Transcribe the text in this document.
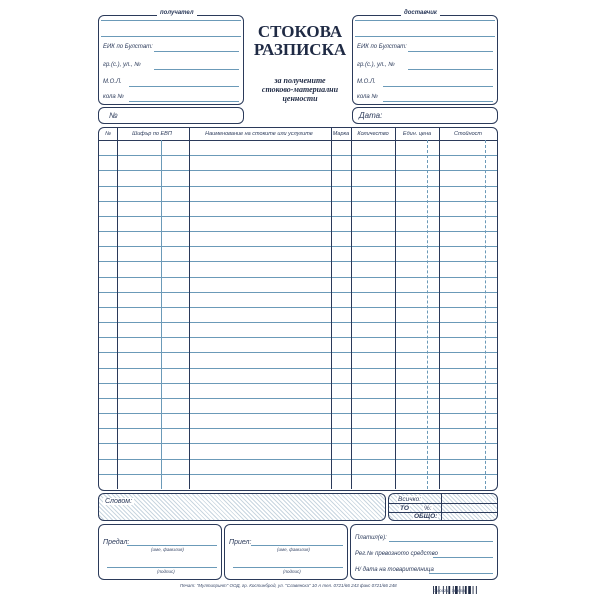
получател
ЕИК по Булстат:
гр.(с.), ул., №
М.О.Л.
кола №
СТОКОВА
РАЗПИСКА
за получените
стоково-материални
ценности
доставчик
ЕИК по Булстат:
гр.(с.), ул., №
М.О.Л.
кола №
№	Дата:
№	Шифър по ЕВП	Наименование на стоките или услугите	Марка	Количество	Един. цена	Стойност
Словом:	Всичко:
ТО %:
ОБЩО:
Предал:
(име, фамилия)
(подпис)
Приел:
(име, фамилия)
(подпис)
Платил(е):
Рег.№ превозното средство
Н/ дата на товарителница
Печат: "Мултипринт" ООД, гр. Костинброд, ул. "Славянска" 10 А тел. 0721/66 243 факс 0721/66 248
3 800211 169053
